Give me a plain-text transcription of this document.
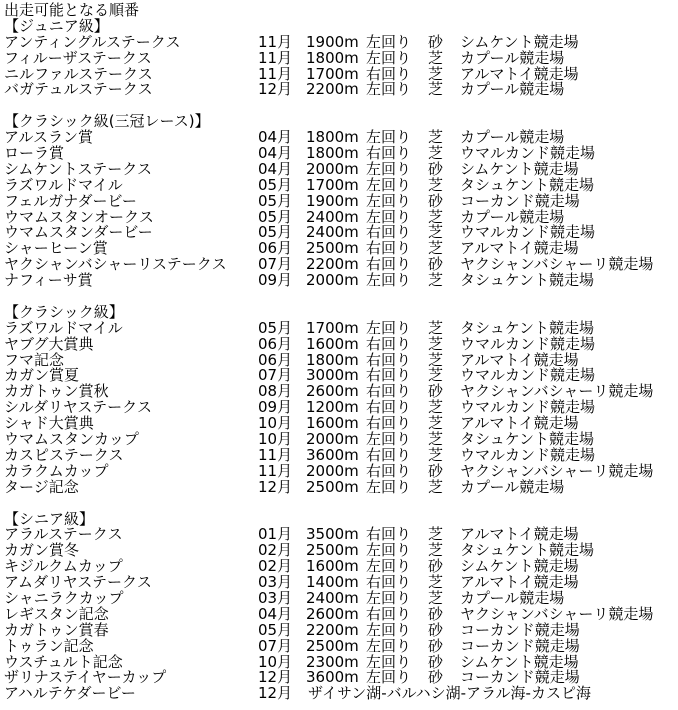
出走可能となる順番
【ジュニア級】
アンティングルステークス	11月 1900m 左回り 砂 シムケント競走場
フィルーザステークス	11月 1800m 左回り 芝 カプール競走場
ニルファルステークス	11月 1700m 右回り 芝 アルマトイ競走場
バガテュルステークス	12月 2200m 左回り 芝 カプール競走場
【クラシック級(三冠レース)】
アルスラン賞	04月 1800m 左回り 芝 カプール競走場
ローラ賞	04月 1800m 右回り 芝 ウマルカンド競走場
シムケントステークス	04月 2000m 左回り 砂 シムケント競走場
ラズワルドマイル	05月 1700m 左回り 芝 タシュケント競走場
フェルガナダービー	05月 1900m 左回り 砂 コーカンド競走場
ウマムスタンオークス	05月 2400m 左回り 芝 カプール競走場
ウマムスタンダービー	05月 2400m 右回り 芝 ウマルカンド競走場
シャーヒーン賞	06月 2500m 右回り 芝 アルマトイ競走場
ヤクシャンバシャーリステークス 07月 2200m 右回り 砂 ヤクシャンバシャーリ競走場
ナフィーサ賞	09月 2000m 左回り 芝 タシュケント競走場
【クラシック級】
ラズワルドマイル	05月 1700m 左回り 芝 タシュケント競走場
ヤブグ大賞典	06月 1600m 右回り 芝 ウマルカンド競走場
フマ記念	06月 1800m 右回り 芝 アルマトイ競走場
カガン賞夏	07月 3000m 右回り 芝 ウマルカンド競走場
カガトゥン賞秋	08月 2600m 右回り 砂 ヤクシャンバシャーリ競走場
シルダリヤステークス	09月 1200m 右回り 芝 ウマルカンド競走場
シャド大賞典	10月 1600m 右回り 芝 アルマトイ競走場
ウマムスタンカップ	10月 2000m 左回り 芝 タシュケント競走場
カスピステークス	11月 3600m 右回り 芝 ウマルカンド競走場
カラクムカップ	11月 2000m 右回り 砂 ヤクシャンバシャーリ競走場
タージ記念	12月 2500m 左回り 芝 カプール競走場
【シニア級】
アラルステークス	01月 3500m 右回り 芝 アルマトイ競走場
カガン賞冬	02月 2500m 左回り 芝 タシュケント競走場
キジルクムカップ	02月 1600m 左回り 砂 シムケント競走場
アムダリヤステークス	03月 1400m 右回り 芝 アルマトイ競走場
シャニラクカップ	03月 2400m 左回り 芝 カプール競走場
レギスタン記念	04月 2600m 右回り 砂 ヤクシャンバシャーリ競走場
カガトゥン賞春	05月 2200m 左回り 砂 コーカンド競走場
トゥラン記念	07月 2500m 左回り 砂 コーカンド競走場
ウスチュルト記念	10月 2300m 左回り 砂 シムケント競走場
ザリナステイヤーカップ	12月 3600m 左回り 砂 コーカンド競走場
アハルテケダービー	12月 ザイサン湖-バルハシ湖-アラル海-カスピ海
